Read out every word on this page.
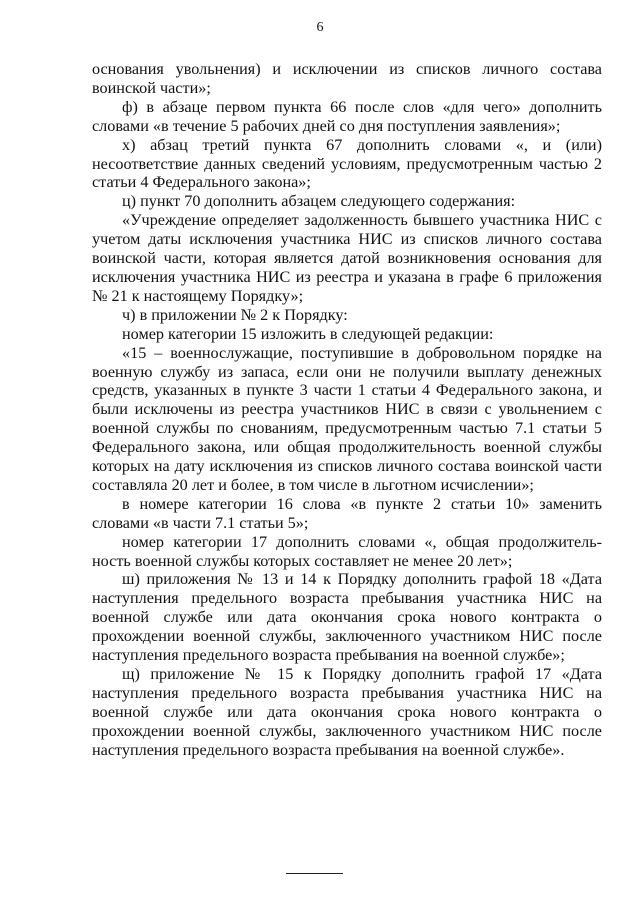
6

основания увольнения) и исключении из списков личного состава воинской части»;

ф) в абзаце первом пункта 66 после слов «для чего» дополнить словами «в течение 5 рабочих дней со дня поступления заявления»;

х) абзац третий пункта 67 дополнить словами «, и (или) несоответствие данных сведений условиям, предусмотренным частью 2 статьи 4 Федерального закона»;

ц) пункт 70 дополнить абзацем следующего содержания:

«Учреждение определяет задолженность бывшего участника НИС с учетом даты исключения участника НИС из списков личного состава воинской части, которая является датой возникновения основания для исключения участника НИС из реестра и указана в графе 6 приложения № 21 к настоящему Порядку»;

ч) в приложении № 2 к Порядку:

номер категории 15 изложить в следующей редакции:

«15 – военнослужащие, поступившие в добровольном порядке на военную службу из запаса, если они не получили выплату денежных средств, указанных в пункте 3 части 1 статьи 4 Федерального закона, и были исключены из реестра участников НИС в связи с увольнением с военной службы по снованиям, предусмотренным частью 7.1 статьи 5 Федерального закона, или общая продолжительность военной службы которых на дату исключения из списков личного состава воинской части составляла 20 лет и более, в том числе в льготном исчислении»;

в номере категории 16 слова «в пункте 2 статьи 10» заменить словами «в части 7.1 статьи 5»;

номер категории 17 дополнить словами «, общая продолжитель-ность военной службы которых составляет не менее 20 лет»;

ш) приложения № 13 и 14 к Порядку дополнить графой 18 «Дата наступления предельного возраста пребывания участника НИС на военной службе или дата окончания срока нового контракта о прохождении военной службы, заключенного участником НИС после наступления предельного возраста пребывания на военной службе»;

щ) приложение № 15 к Порядку дополнить графой 17 «Дата наступления предельного возраста пребывания участника НИС на военной службе или дата окончания срока нового контракта о прохождении военной службы, заключенного участником НИС после наступления предельного возраста пребывания на военной службе».
